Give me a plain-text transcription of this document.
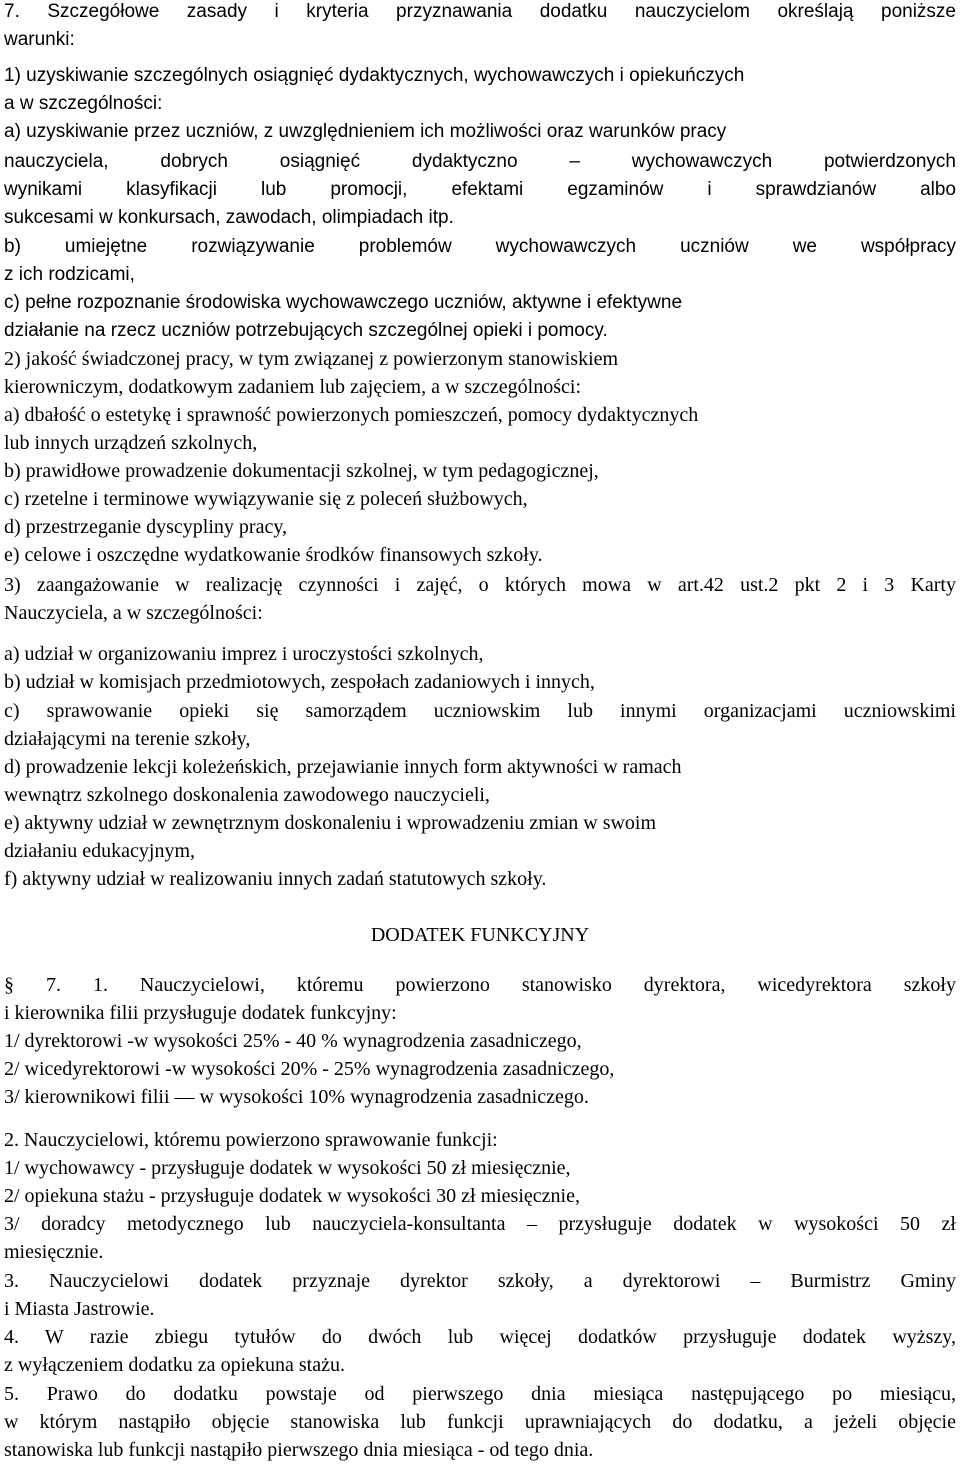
7. Szczegółowe zasady i kryteria przyznawania dodatku nauczycielom określają poniższe
warunki:
1) uzyskiwanie szczególnych osiągnięć dydaktycznych, wychowawczych i opiekuńczych
a w szczególności:
a) uzyskiwanie przez uczniów, z uwzględnieniem ich możliwości oraz warunków pracy
nauczyciela, dobrych osiągnięć dydaktyczno – wychowawczych potwierdzonych
wynikami klasyfikacji lub promocji, efektami egzaminów i sprawdzianów albo
sukcesami w konkursach, zawodach, olimpiadach itp.
b) umiejętne rozwiązywanie problemów wychowawczych uczniów we współpracy
z ich rodzicami,
c) pełne rozpoznanie środowiska wychowawczego uczniów, aktywne i efektywne
działanie na rzecz uczniów potrzebujących szczególnej opieki i pomocy.
2) jakość świadczonej pracy, w tym związanej z powierzonym stanowiskiem
kierowniczym, dodatkowym zadaniem lub zajęciem, a w szczególności:
a) dbałość o estetykę i sprawność powierzonych pomieszczeń, pomocy dydaktycznych
lub innych urządzeń szkolnych,
b) prawidłowe prowadzenie dokumentacji szkolnej, w tym pedagogicznej,
c) rzetelne i terminowe wywiązywanie się z poleceń służbowych,
d) przestrzeganie dyscypliny pracy,
e) celowe i oszczędne wydatkowanie środków finansowych szkoły.
3) zaangażowanie w realizację czynności i zajęć, o których mowa w art.42 ust.2 pkt 2 i 3 Karty
Nauczyciela, a w szczególności:
a) udział w organizowaniu imprez i uroczystości szkolnych,
b) udział w komisjach przedmiotowych, zespołach zadaniowych i innych,
c) sprawowanie opieki się samorządem uczniowskim lub innymi organizacjami uczniowskimi
działającymi na terenie szkoły,
d) prowadzenie lekcji koleżeńskich, przejawianie innych form aktywności w ramach
wewnątrz szkolnego doskonalenia zawodowego nauczycieli,
e) aktywny udział w zewnętrznym doskonaleniu i wprowadzeniu zmian w swoim
działaniu edukacyjnym,
f) aktywny udział w realizowaniu innych zadań statutowych szkoły.
DODATEK FUNKCYJNY
§ 7. 1. Nauczycielowi, któremu powierzono stanowisko dyrektora, wicedyrektora szkoły
i kierownika filii przysługuje dodatek funkcyjny:
1/ dyrektorowi -w wysokości 25% - 40 % wynagrodzenia zasadniczego,
2/ wicedyrektorowi -w wysokości 20% - 25% wynagrodzenia zasadniczego,
3/ kierownikowi filii — w wysokości 10% wynagrodzenia zasadniczego.
2. Nauczycielowi, któremu powierzono sprawowanie funkcji:
1/ wychowawcy - przysługuje dodatek w wysokości 50 zł miesięcznie,
2/ opiekuna stażu - przysługuje dodatek w wysokości 30 zł miesięcznie,
3/ doradcy metodycznego lub nauczyciela-konsultanta – przysługuje dodatek w wysokości 50 zł
miesięcznie.
3. Nauczycielowi dodatek przyznaje dyrektor szkoły, a dyrektorowi – Burmistrz Gminy
i Miasta Jastrowie.
4. W razie zbiegu tytułów do dwóch lub więcej dodatków przysługuje dodatek wyższy,
z wyłączeniem dodatku za opiekuna stażu.
5. Prawo do dodatku powstaje od pierwszego dnia miesiąca następującego po miesiącu,
w którym nastąpiło objęcie stanowiska lub funkcji uprawniających do dodatku, a jeżeli objęcie
stanowiska lub funkcji nastąpiło pierwszego dnia miesiąca - od tego dnia.
